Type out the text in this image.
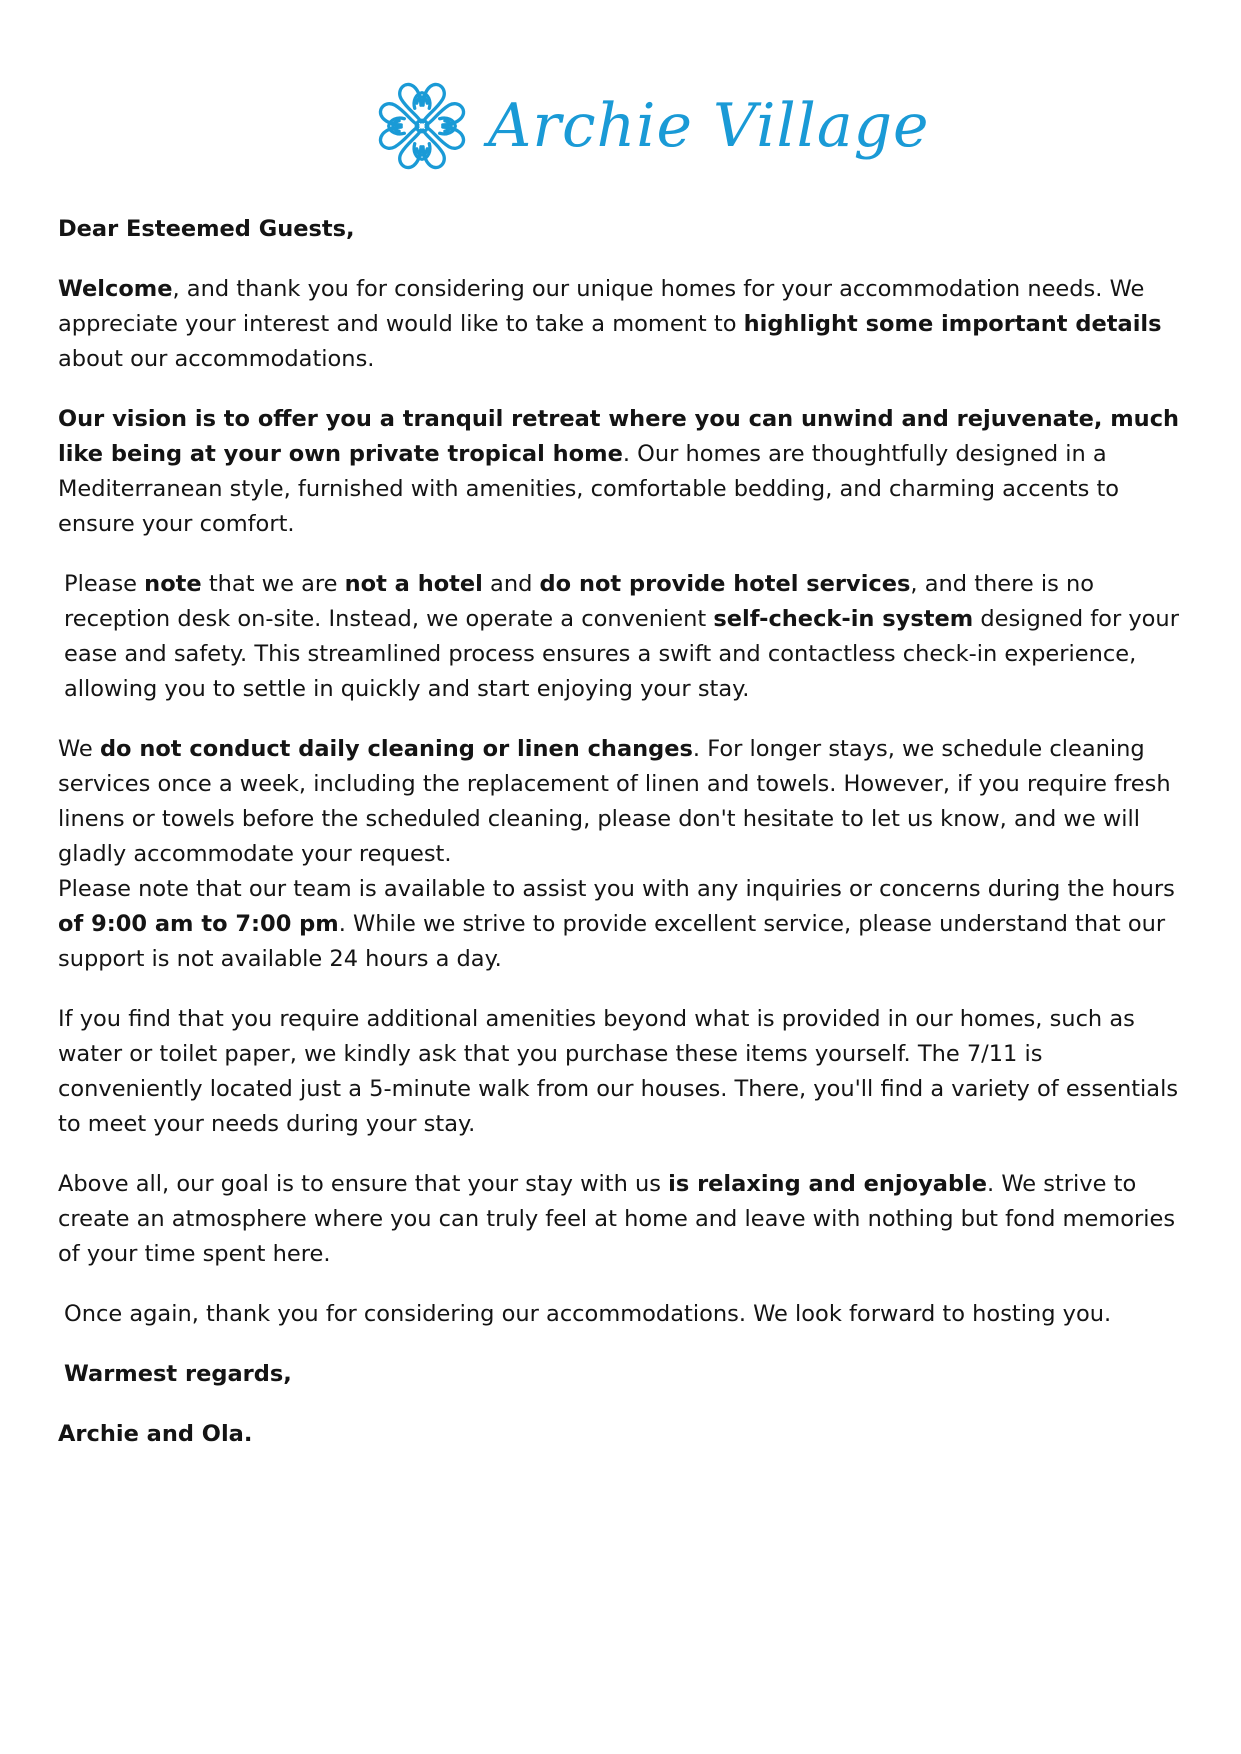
Archie Village

Dear Esteemed Guests,

Welcome, and thank you for considering our unique homes for your accommodation needs. We appreciate your interest and would like to take a moment to highlight some important details about our accommodations.

Our vision is to offer you a tranquil retreat where you can unwind and rejuvenate, much like being at your own private tropical home. Our homes are thoughtfully designed in a Mediterranean style, furnished with amenities, comfortable bedding, and charming accents to ensure your comfort.

Please note that we are not a hotel and do not provide hotel services, and there is no reception desk on-site. Instead, we operate a convenient self-check-in system designed for your ease and safety. This streamlined process ensures a swift and contactless check-in experience, allowing you to settle in quickly and start enjoying your stay.

We do not conduct daily cleaning or linen changes. For longer stays, we schedule cleaning services once a week, including the replacement of linen and towels. However, if you require fresh linens or towels before the scheduled cleaning, please don't hesitate to let us know, and we will gladly accommodate your request.

Please note that our team is available to assist you with any inquiries or concerns during the hours of 9:00 am to 7:00 pm. While we strive to provide excellent service, please understand that our support is not available 24 hours a day.

If you find that you require additional amenities beyond what is provided in our homes, such as water or toilet paper, we kindly ask that you purchase these items yourself. The 7/11 is conveniently located just a 5-minute walk from our houses. There, you'll find a variety of essentials to meet your needs during your stay.

Above all, our goal is to ensure that your stay with us is relaxing and enjoyable. We strive to create an atmosphere where you can truly feel at home and leave with nothing but fond memories of your time spent here.

Once again, thank you for considering our accommodations. We look forward to hosting you.

Warmest regards,

Archie and Ola.
